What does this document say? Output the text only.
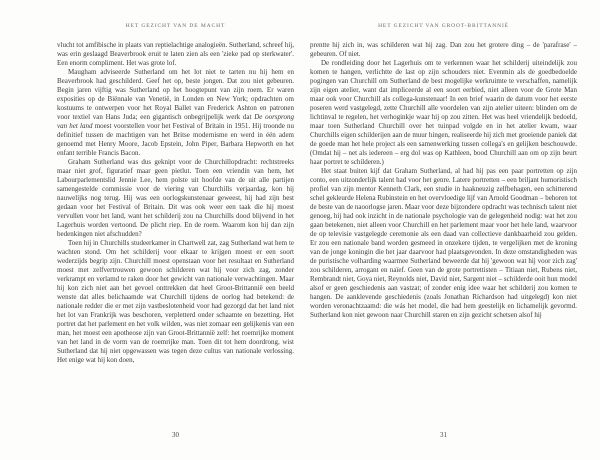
HET GEZICHT VAN DE MACHT

vlucht tot amfibische in plaats van reptielachtige analogieën. Sutherland, schreef hij, was erin geslaagd Beaverbrook eruit te laten zien als een 'zieke pad op sterkwater'. Een enorm compliment. Het was grote lof.

Maugham adviseerde Sutherland om het lot niet te tarten nu hij hem en Beaverbrook had geschilderd. Geef het op, beste jongen. Dat zou niet gebeuren. Begin jaren vijftig was Sutherland op het hoogtepunt van zijn roem. Er waren exposities op de Biënnale van Venetië, in Londen en New York; opdrachten om kostuums te ontwerpen voor het Royal Ballet van Frederick Ashton en patronen voor textiel van Hans Juda; een gigantisch onbegrijpelijk werk dat De oorsprong van het land moest voorstellen voor het Festival of Britain in 1951. Hij troonde nu definitief tussen de machtigen van het Britse modernisme en werd in één adem genoemd met Henry Moore, Jacob Epstein, John Piper, Barbara Hepworth en het enfant terrible Francis Bacon.

Graham Sutherland was dus geknipt voor de Churchillopdracht: rechtstreeks maar niet grof, figuratief maar geen pietlut. Toen een vriendin van hem, het Labourparlementslid Jennie Lee, hem polste uit hoofde van de uit alle partijen samengestelde commissie voor de viering van Churchills verjaardag, kon hij nauwelijks nog terug. Hij was een oorlogskunstenaar geweest, hij had zijn best gedaan voor het Festival of Britain. Dit was ook weer een taak die hij moest vervullen voor het land, want het schilderij zou na Churchills dood blijvend in het Lagerhuis worden vertoond. De plicht riep. En de roem. Waarom kon hij dan zijn bedenkingen niet afschudden?

Toen hij in Churchills studeerkamer in Chartwell zat, zag Sutherland wat hem te wachten stond. Om het schilderij voor elkaar te krijgen moest er een soort wederzijds begrip zijn. Churchill moest openstaan voor het resultaat en Sutherland moest met zelfvertrouwen gewoon schilderen wat hij voor zich zag, zonder verkrampt en verlamd te raken door het gewicht van nationale verwachtingen. Maar hij kon zich niet aan het gevoel onttrekken dat heel Groot-Brittannië een beeld wenste dat alles belichaamde wat Churchill tijdens de oorlog had betekend: de nationale redder die er met zijn vastbeslotenheid voor had gezorgd dat het land niet het lot van Frankrijk was beschoren, verpletterd onder schaamte en bezetting. Het portret dat het parlement en het volk wilden, was niet zomaar een gelijkenis van een man, het moest een apotheose zijn van Groot-Brittannië zelf: het roemrijke moment van het land in de vorm van de roemrijke man. Toen dit tot hem doordrong, wist Sutherland dat hij niet opgewassen was tegen deze cultus van nationale verlossing. Het enige wat hij kon doen,

30
HET GEZICHT VAN GROOT-BRITTANNIË

prentte hij zich in, was schilderen wat hij zag. Dan zou het grotere ding – de 'parafrase' – gebeuren. Of niet.

De rondleiding door het Lagerhuis om te verkennen waar het schilderij uiteindelijk zou komen te hangen, verlichtte de last op zijn schouders niet. Evenmin als de goedbedoelde pogingen van Churchill om Sutherland de best mogelijke werkruimte te verschaffen, namelijk zijn eigen atelier, want dat impliceerde al een soort eerbied, niet alleen voor de Grote Man maar ook voor Churchill als collega-kunstenaar! In een brief waarin de datum voor het eerste poseren werd vastgelegd, zette Churchill alle voordelen van zijn atelier uiteen: blinden om de lichtinval te regelen, het verhoginkje waar hij op zou zitten. Het was heel vriendelijk bedoeld, maar toen Sutherland Churchill over het tuinpad volgde en in het atelier kwam, waar Churchills eigen schilderijen aan de muur hingen, realiseerde hij zich met groeiende paniek dat de goede man het hele project als een samenwerking tussen collega's en gelijken beschouwde. (Omdat hij – net als iedereen – erg dol was op Kathleen, bood Churchill aan om op zijn beurt haar portret te schilderen.)

Het staat buiten kijf dat Graham Sutherland, al had hij pas een paar portretten op zijn conto, een uitzonderlijk talent had voor het genre. Latere portretten – een briljant humoristisch profiel van zijn mentor Kenneth Clark, een studie in haakneuzig zelfbehagen, een schitterend schel gekleurde Helena Rubinstein en het overvloedige lijf van Arnold Goodman – behoren tot de beste van de naoorlogse jaren. Maar voor deze bijzondere opdracht was technisch talent niet genoeg, hij had ook inzicht in de nationale psychologie van de gelegenheid nodig: wat het zou gaan betekenen, niet alleen voor Churchill en het parlement maar voor het hele land, waarvoor de op televisie vastgelegde ceremonie als een daad van collectieve dankbaarheid zou gelden. Er zou een nationale band worden gesmeed in onzekere tijden, te vergelijken met de kroning van de jonge koningin die het jaar daarvoor had plaatsgevonden. In deze omstandigheden was de puristische volharding waarmee Sutherland beweerde dat hij 'gewoon wat hij voor zich zag' zou schilderen, arrogant en naïef. Geen van de grote portrettisten – Titiaan niet, Rubens niet, Rembrandt niet, Goya niet, Reynolds niet, David niet, Sargent niet – schilderde ooit hun model alsof er geen geschiedenis aan vastzat; of zonder enig idee waar het schilderij zou komen te hangen. De aanklevende geschiedenis (zoals Jonathan Richardson had uitgelegd) kon niet worden veronachtzaamd: die wás het model, die had hem geestelijk en lichamelijk gevormd. Sutherland kon niet gewoon naar Churchill staren en zijn gezicht schetsen alsof hij

31
